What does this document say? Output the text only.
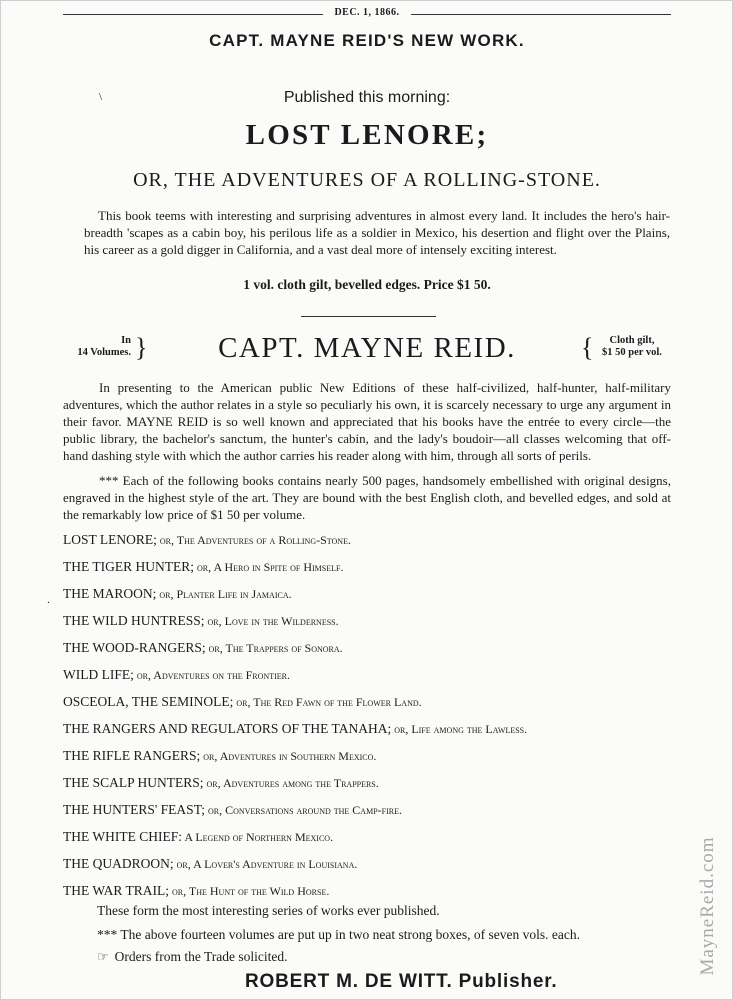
DEC. 1, 1866.
CAPT. MAYNE REID'S NEW WORK.
\	Published this morning:
LOST LENORE;
OR, THE ADVENTURES OF A ROLLING-STONE.
This book teems with interesting and surprising adventures in almost every land. It includes the hero's hair-breadth 'scapes as a cabin boy, his perilous life as a soldier in Mexico, his desertion and flight over the Plains, his career as a gold digger in California, and a vast deal more of intensely exciting interest.
1 vol. cloth gilt, bevelled edges. Price $1 50.
In
14 Volumes. }	CAPT. MAYNE REID.	{	Cloth gilt,
$1 50 per vol.
In presenting to the American public New Editions of these half-civilized, half-hunter, half-military adventures, which the author relates in a style so peculiarly his own, it is scarcely necessary to urge any argument in their favor. MAYNE REID is so well known and appreciated that his books have the entrée to every circle—the public library, the bachelor's sanctum, the hunter's cabin, and the lady's boudoir—all classes welcoming that off-hand dashing style with which the author carries his reader along with him, through all sorts of perils.
*** Each of the following books contains nearly 500 pages, handsomely embellished with original designs, engraved in the highest style of the art. They are bound with the best English cloth, and bevelled edges, and sold at the remarkably low price of $1 50 per volume.
.
LOST LENORE; or, The Adventures of a Rolling-Stone.
THE TIGER HUNTER; or, A Hero in Spite of Himself.
THE MAROON; or, Planter Life in Jamaica.
THE WILD HUNTRESS; or, Love in the Wilderness.
THE WOOD-RANGERS; or, The Trappers of Sonora.
WILD LIFE; or, Adventures on the Frontier.
OSCEOLA, THE SEMINOLE; or, The Red Fawn of the Flower Land.
THE RANGERS AND REGULATORS OF THE TANAHA; or, Life among the Lawless.
THE RIFLE RANGERS; or, Adventures in Southern Mexico.
THE SCALP HUNTERS; or, Adventures among the Trappers.
THE HUNTERS' FEAST; or, Conversations around the Camp-fire.
THE WHITE CHIEF: A Legend of Northern Mexico.
THE QUADROON; or, A Lover's Adventure in Louisiana.
THE WAR TRAIL; or, The Hunt of the Wild Horse.
These form the most interesting series of works ever published.
*** The above fourteen volumes are put up in two neat strong boxes, of seven vols. each.
☞ Orders from the Trade solicited.
ROBERT M. DE WITT. Publisher.
MayneReid.com
